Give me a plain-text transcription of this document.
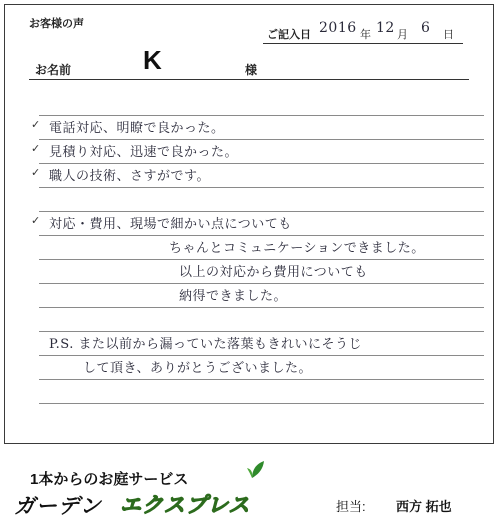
お客様の声
ご記入日 2016 年 12 月 6 日
お名前	K	様
✓
✓
✓
✓
電話対応、明瞭で良かった。
見積り対応、迅速で良かった。
職人の技術、さすがです。
対応・費用、現場で細かい点についても
ちゃんとコミュニケーションできました。
以上の対応から費用についても
納得できました。
P.S. また以前から漏っていた落葉もきれいにそうじ
して頂き、ありがとうございました。
1本からのお庭サービス
ガーデン エクスプレス	担当: 西方 拓也
